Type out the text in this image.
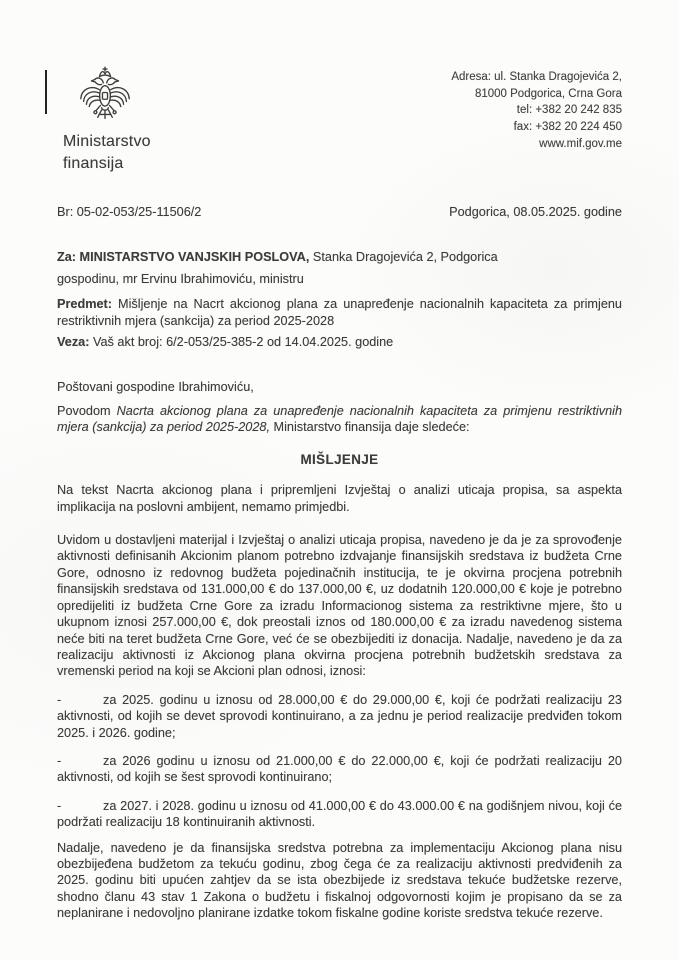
Ministarstvo
finansija
Adresa: ul. Stanka Dragojevića 2,
81000 Podgorica, Crna Gora
tel: +382 20 242 835
fax: +382 20 224 450
www.mif.gov.me
Br: 05-02-053/25-11506/2	Podgorica, 08.05.2025. godine

Za: MINISTARSTVO VANJSKIH POSLOVA, Stanka Dragojevića 2, Podgorica

gospodinu, mr Ervinu Ibrahimoviću, ministru

Predmet: Mišljenje na Nacrt akcionog plana za unapređenje nacionalnih kapaciteta za primjenu restriktivnih mjera (sankcija) za period 2025-2028

Veza: Vaš akt broj: 6/2-053/25-385-2 od 14.04.2025. godine

Poštovani gospodine Ibrahimoviću,

Povodom Nacrta akcionog plana za unapređenje nacionalnih kapaciteta za primjenu restriktivnih mjera (sankcija) za period 2025-2028, Ministarstvo finansija daje sledeće:

MIŠLJENJE

Na tekst Nacrta akcionog plana i pripremljeni Izvještaj o analizi uticaja propisa, sa aspekta implikacija na poslovni ambijent, nemamo primjedbi.

Uvidom u dostavljeni materijal i Izvještaj o analizi uticaja propisa, navedeno je da je za sprovođenje aktivnosti definisanih Akcionim planom potrebno izdvajanje finansijskih sredstava iz budžeta Crne Gore, odnosno iz redovnog budžeta pojedinačnih institucija, te je okvirna procjena potrebnih finansijskih sredstava od 131.000,00 € do 137.000,00 €, uz dodatnih 120.000,00 € koje je potrebno opredijeliti iz budžeta Crne Gore za izradu Informacionog sistema za restriktivne mjere, što u ukupnom iznosi 257.000,00 €, dok preostali iznos od 180.000,00 € za izradu navedenog sistema neće biti na teret budžeta Crne Gore, već će se obezbijediti iz donacija. Nadalje, navedeno je da za realizaciju aktivnosti iz Akcionog plana okvirna procjena potrebnih budžetskih sredstava za vremenski period na koji se Akcioni plan odnosi, iznosi:

-	za 2025. godinu u iznosu od 28.000,00 € do 29.000,00 €, koji će podržati realizaciju 23 aktivnosti, od kojih se devet sprovodi kontinuirano, a za jednu je period realizacije predviđen tokom 2025. i 2026. godine;

-	za 2026 godinu u iznosu od 21.000,00 € do 22.000,00 €, koji će podržati realizaciju 20 aktivnosti, od kojih se šest sprovodi kontinuirano;

-	za 2027. i 2028. godinu u iznosu od 41.000,00 € do 43.000.00 € na godišnjem nivou, koji će podržati realizaciju 18 kontinuiranih aktivnosti.

Nadalje, navedeno je da finansijska sredstva potrebna za implementaciju Akcionog plana nisu obezbijeđena budžetom za tekuću godinu, zbog čega će za realizaciju aktivnosti predviđenih za 2025. godinu biti upućen zahtjev da se ista obezbijede iz sredstava tekuće budžetske rezerve, shodno članu 43 stav 1 Zakona o budžetu i fiskalnoj odgovornosti kojim je propisano da se za neplanirane i nedovoljno planirane izdatke tokom fiskalne godine koriste sredstva tekuće rezerve.
